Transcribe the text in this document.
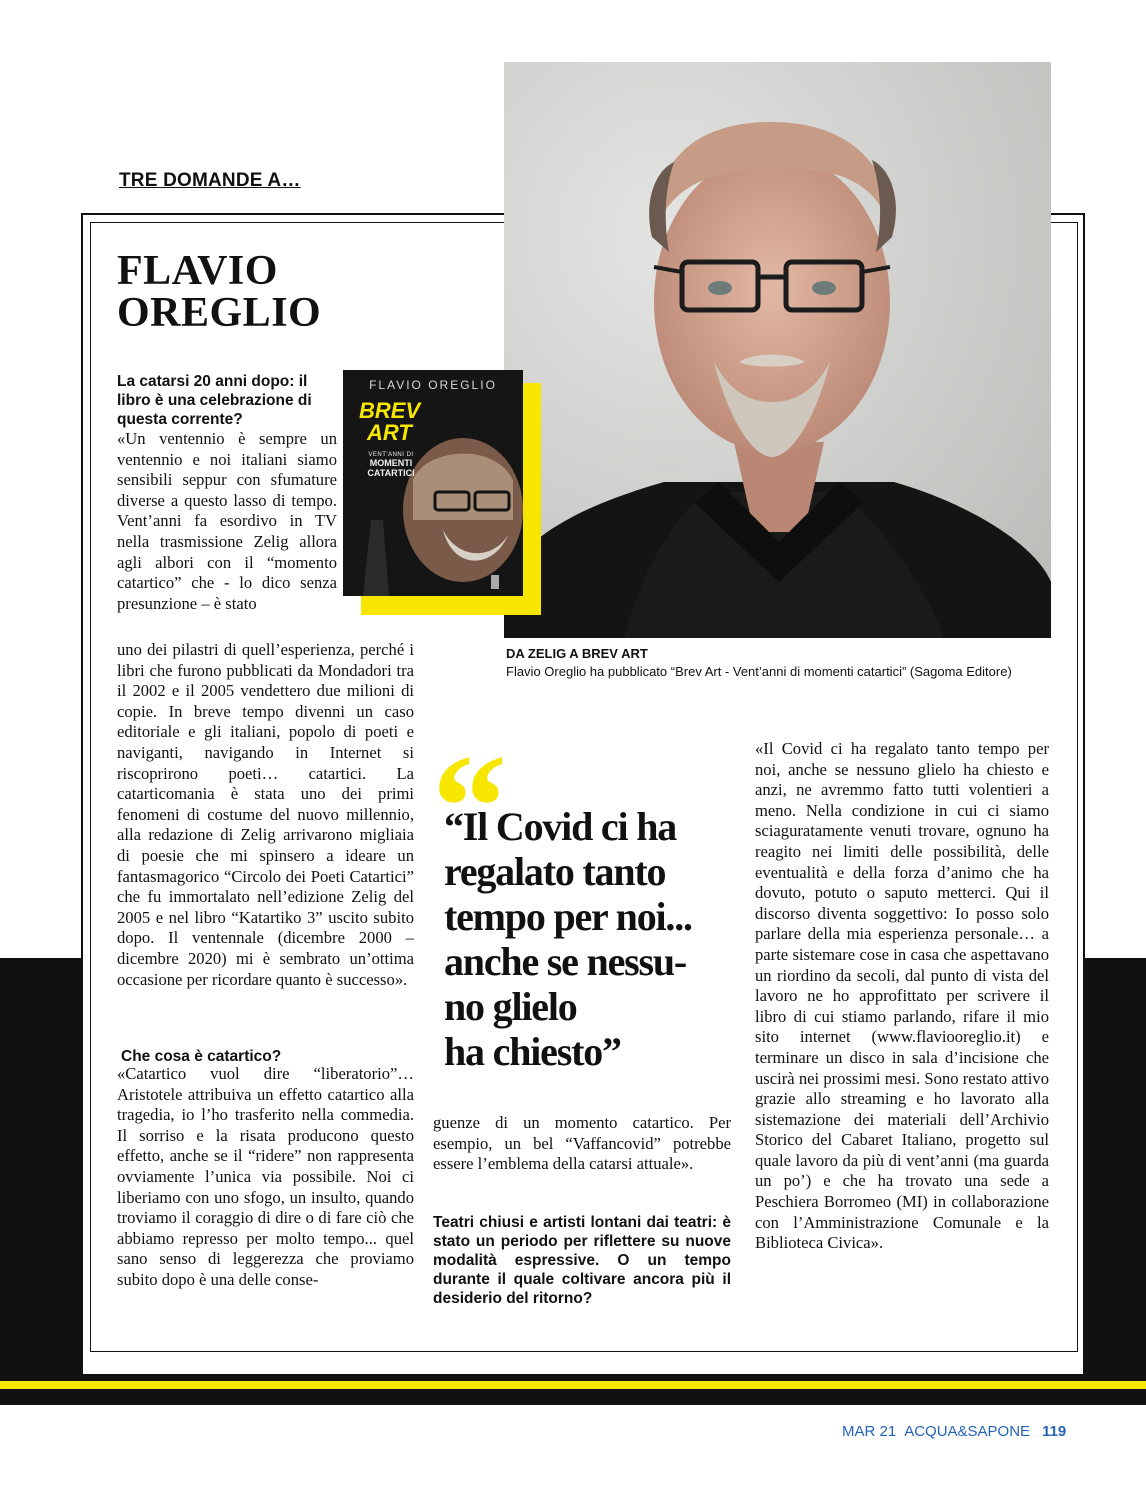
TRE DOMANDE A…
FLAVIO
OREGLIO
DA ZELIG A BREV ART
Flavio Oreglio ha pubblicato “Brev Art - Vent’anni di momenti catartici” (Sagoma Editore)
FLAVIO OREGLIO
BREV
ART
VENT'ANNI DI
MOMENTI
CATARTICI

La catarsi 20 anni dopo: il libro è una celebrazione di questa corrente?

«Un ventennio è sempre un ventennio e noi italiani siamo sensibili seppur con sfumature diverse a questo lasso di tempo. Vent’anni fa esordivo in TV nella trasmissione Zelig allora agli albori con il “momento catartico” che - lo dico senza presunzione – è stato

uno dei pilastri di quell’esperienza, perché i libri che furono pubblicati da Mondadori tra il 2002 e il 2005 vendettero due milioni di copie. In breve tempo divenni un caso editoriale e gli italiani, popolo di poeti e naviganti, navigando in Internet si riscoprirono poeti… catartici. La catarticomania è stata uno dei primi fenomeni di costume del nuovo millennio, alla redazione di Zelig arrivarono migliaia di poesie che mi spinsero a ideare un fantasmagorico “Circolo dei Poeti Catartici” che fu immortalato nell’edizione Zelig del 2005 e nel libro “Katartiko 3” uscito subito dopo. Il ventennale (dicembre 2000 – dicembre 2020) mi è sembrato un’ottima occasione per ricordare quanto è successo».

Che cosa è catartico?

«Catartico vuol dire “liberatorio”… Aristotele attribuiva un effetto catartico alla tragedia, io l’ho trasferito nella commedia. Il sorriso e la risata producono questo effetto, anche se il “ridere” non rappresenta ovviamente l’unica via possibile. Noi ci liberiamo con uno sfogo, un insulto, quando troviamo il coraggio di dire o di fare ciò che abbiamo represso per molto tempo... quel sano senso di leggerezza che proviamo subito dopo è una delle conse-

“
“Il Covid ci ha
regalato tanto
tempo per noi...
anche se nessu-
no glielo
ha chiesto”

guenze di un momento catartico. Per esempio, un bel “Vaffancovid” potrebbe essere l’emblema della catarsi attuale».

Teatri chiusi e artisti lontani dai teatri: è stato un periodo per riflettere su nuove modalità espressive. O un tempo durante il quale coltivare ancora più il desiderio del ritorno?

«Il Covid ci ha regalato tanto tempo per noi, anche se nessuno glielo ha chiesto e anzi, ne avremmo fatto tutti volentieri a meno. Nella condizione in cui ci siamo sciaguratamente venuti trovare, ognuno ha reagito nei limiti delle possibilità, delle eventualità e della forza d’animo che ha dovuto, potuto o saputo metterci. Qui il discorso diventa soggettivo: Io posso solo parlare della mia esperienza personale… a parte sistemare cose in casa che aspettavano un riordino da secoli, dal punto di vista del lavoro ne ho approfittato per scrivere il libro di cui stiamo parlando, rifare il mio sito internet (www.flaviooreglio.it) e terminare un disco in sala d’incisione che uscirà nei prossimi mesi. Sono restato attivo grazie allo streaming e ho lavorato alla sistemazione dei materiali dell’Archivio Storico del Cabaret Italiano, progetto sul quale lavoro da più di vent’anni (ma guarda un po’) e che ha trovato una sede a Peschiera Borromeo (MI) in collaborazione con l’Amministrazione Comunale e la Biblioteca Civica».

MAR 21 ACQUA&SAPONE 119
